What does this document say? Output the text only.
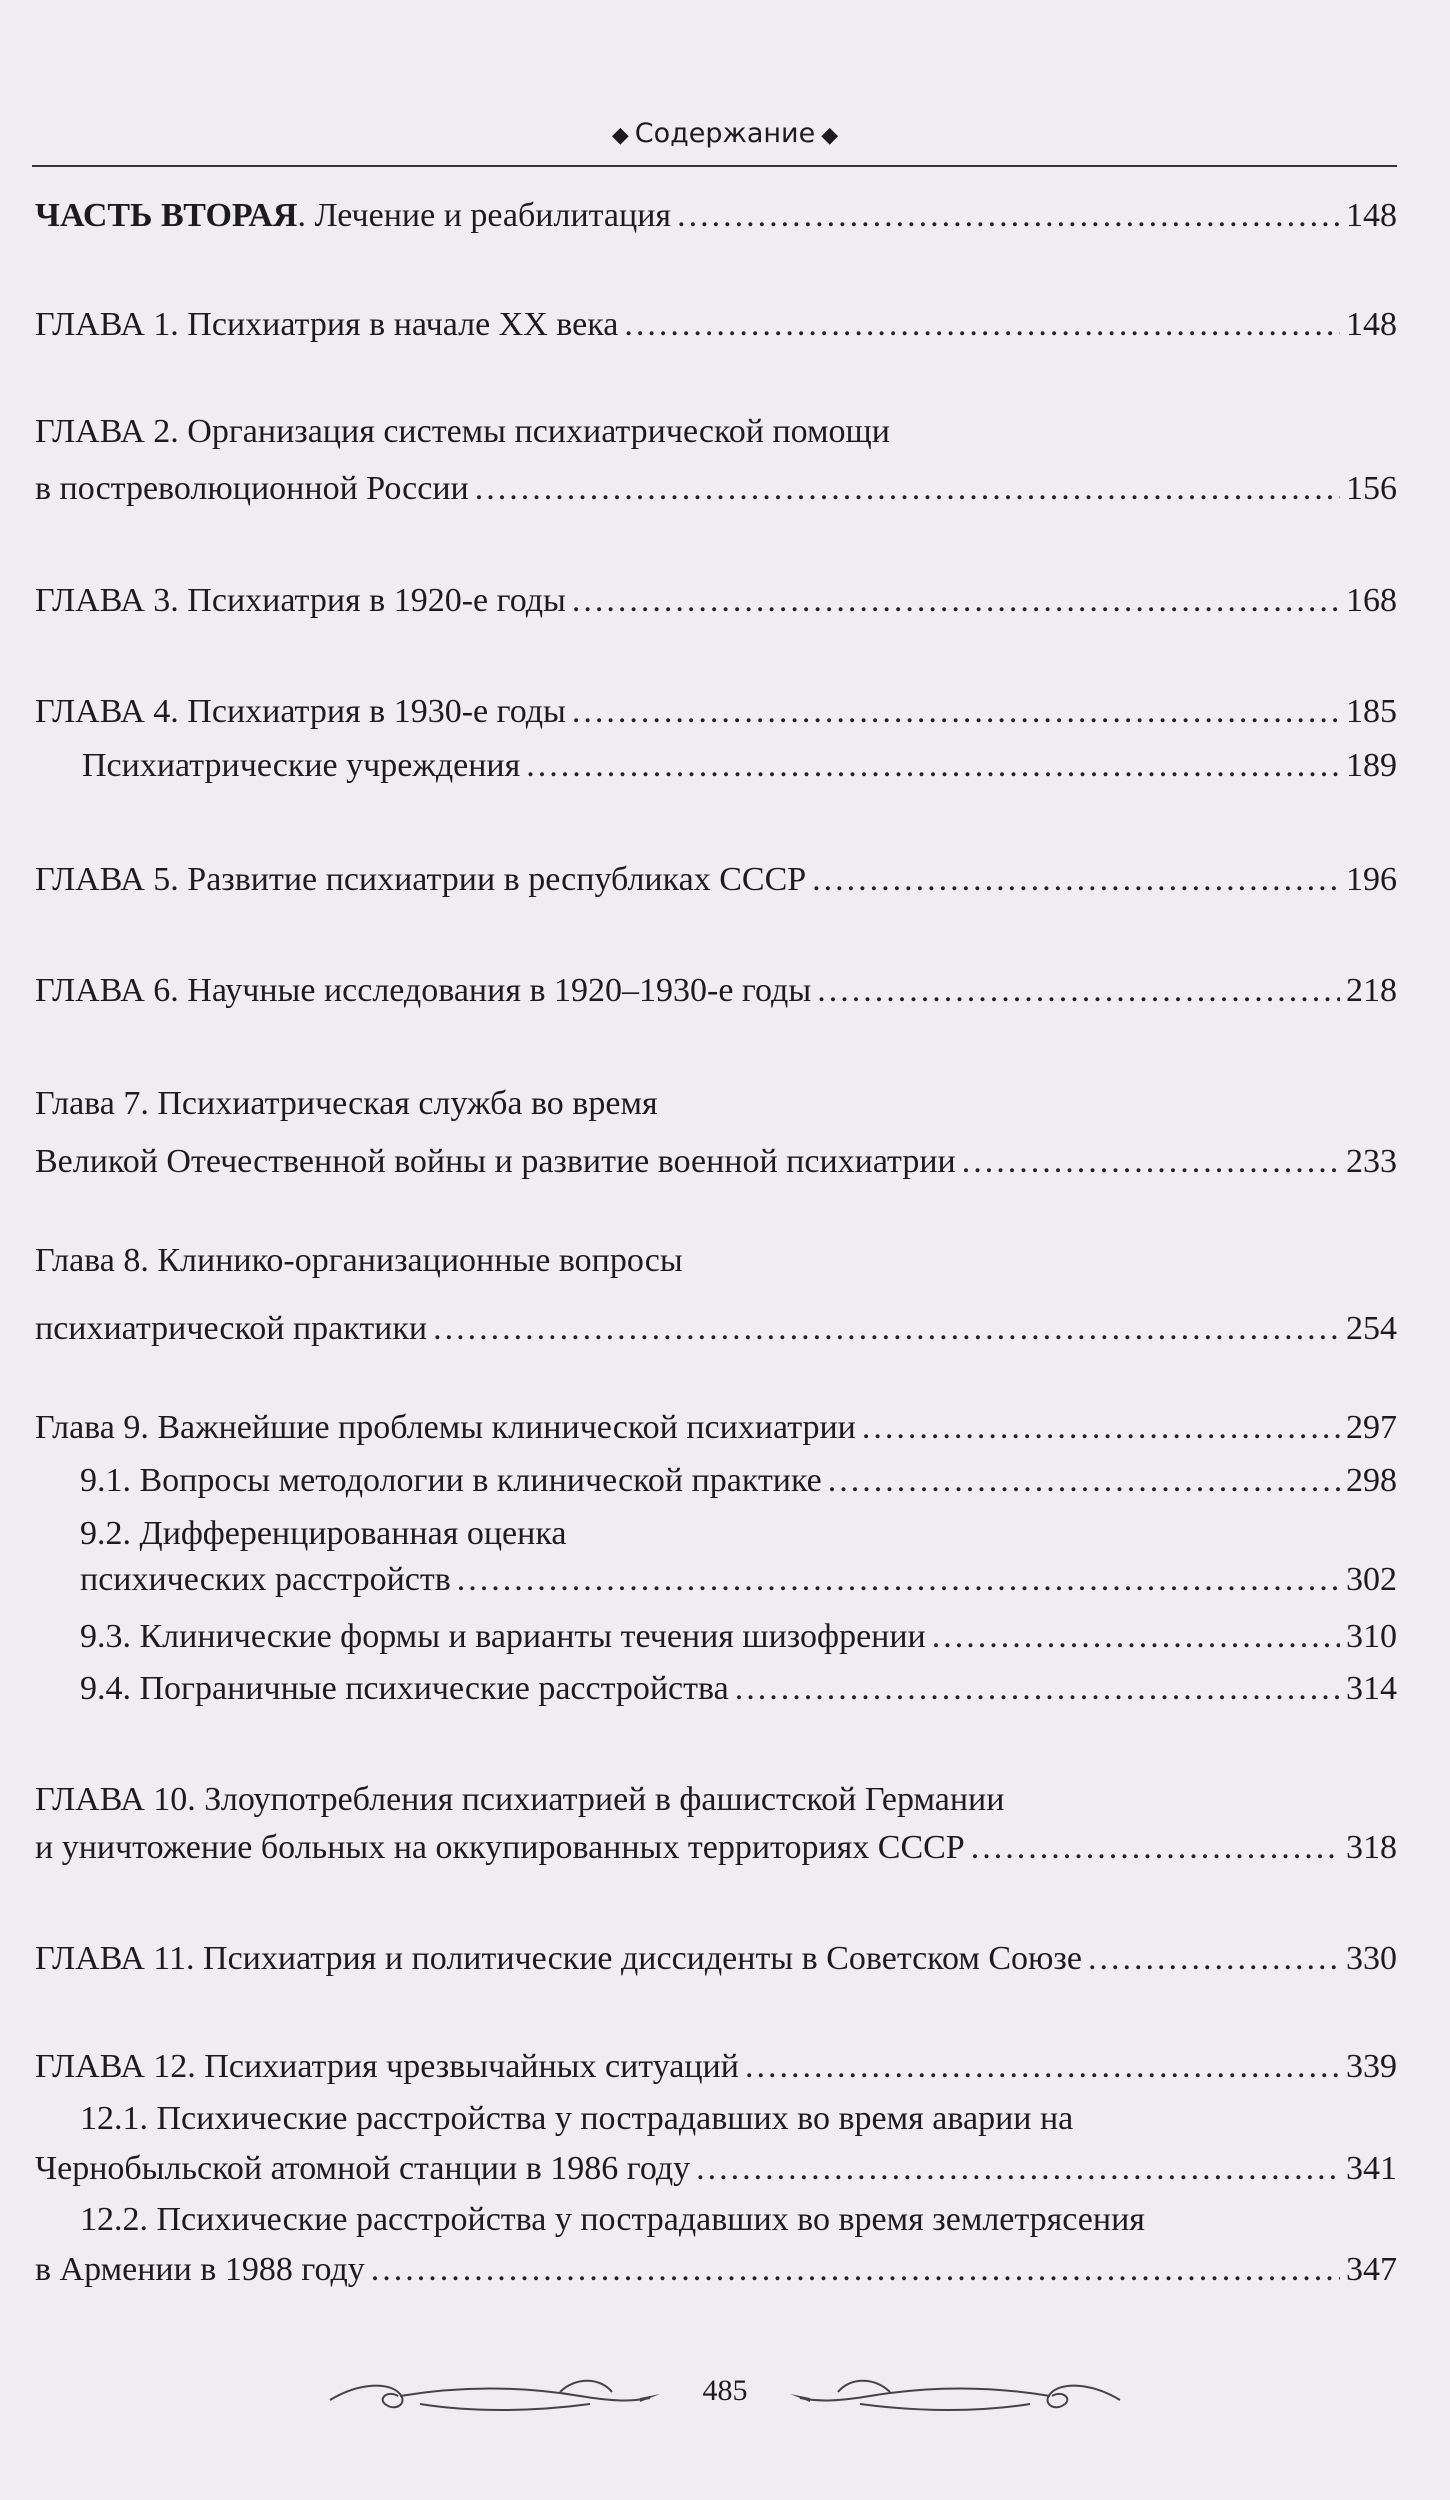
◆ Содержание ◆
ЧАСТЬ ВТОРАЯ. Лечение и реабилитация .....	148
ГЛАВА 1. Психиатрия в начале XX века .....	148
ГЛАВА 2. Организация системы психиатрической помощи
в постреволюционной России .....	156
ГЛАВА 3. Психиатрия в 1920-е годы .....	168
ГЛАВА 4. Психиатрия в 1930-е годы .....	185
Психиатрические учреждения .....	189
ГЛАВА 5. Развитие психиатрии в республиках СССР .....	196
ГЛАВА 6. Научные исследования в 1920–1930-е годы .....	218
Глава 7. Психиатрическая служба во время
Великой Отечественной войны и развитие военной психиатрии .....	233
Глава 8. Клинико-организационные вопросы
психиатрической практики .....	254
Глава 9. Важнейшие проблемы клинической психиатрии .....	297
9.1. Вопросы методологии в клинической практике .....	298
9.2. Дифференцированная оценка
психических расстройств .....	302
9.3. Клинические формы и варианты течения шизофрении .....	310
9.4. Пограничные психические расстройства .....	314
ГЛАВА 10. Злоупотребления психиатрией в фашистской Германии
и уничтожение больных на оккупированных территориях СССР .....	318
ГЛАВА 11. Психиатрия и политические диссиденты в Советском Союзе .....	330
ГЛАВА 12. Психиатрия чрезвычайных ситуаций .....	339
12.1. Психические расстройства у пострадавших во время аварии на
Чернобыльской атомной станции в 1986 году .....	341
12.2. Психические расстройства у пострадавших во время землетрясения
в Армении в 1988 году .....	347
485
